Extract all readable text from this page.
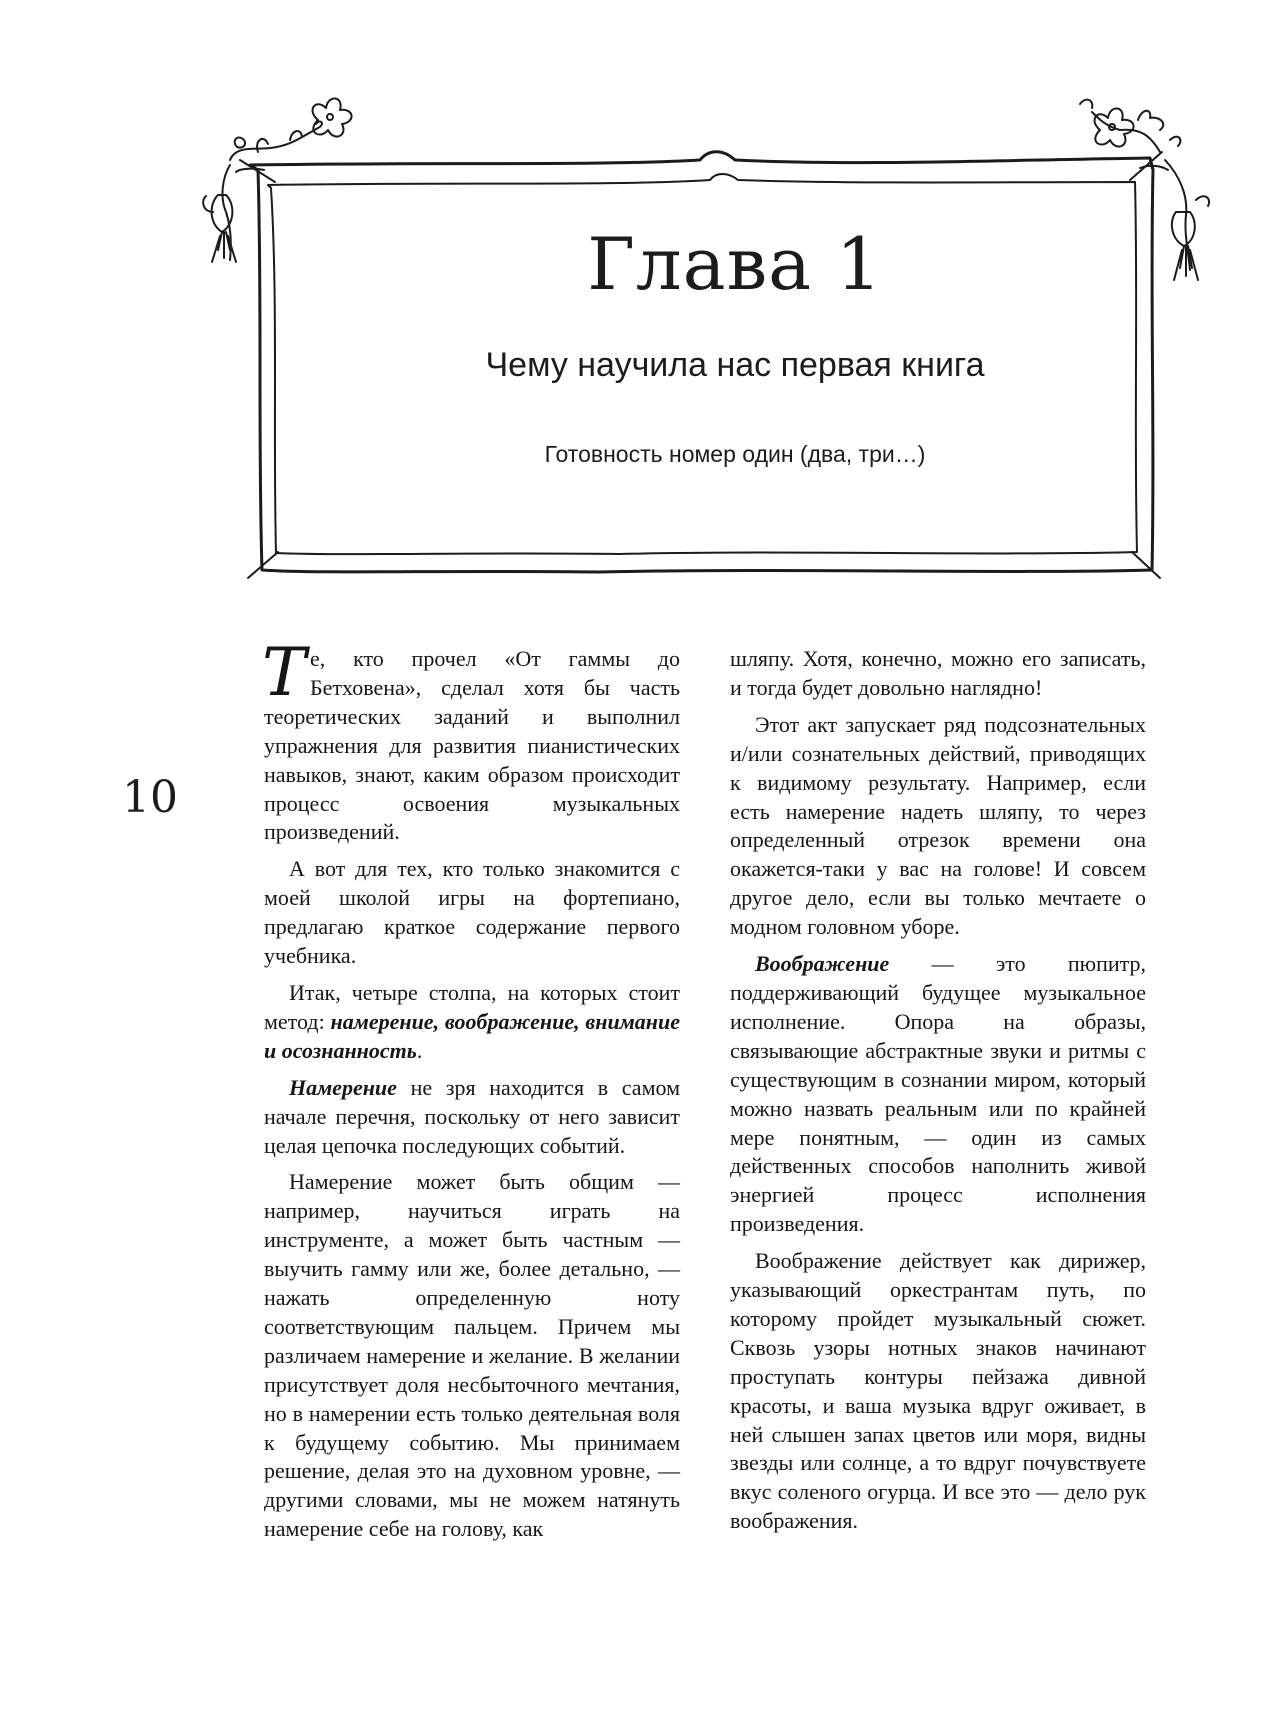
Глава 1
Чему научила нас первая книга
Готовность номер один (два, три…)
10

Те, кто прочел «От гаммы до Бетховена», сделал хотя бы часть теоретических заданий и выполнил упражнения для развития пианистических навыков, знают, каким образом происходит процесс освоения музыкальных произведений.

А вот для тех, кто только знакомится с моей школой игры на фортепиано, предлагаю краткое содержание первого учебника.

Итак, четыре столпа, на которых стоит метод: намерение, воображение, внимание и осознанность.

Намерение не зря находится в самом начале перечня, поскольку от него зависит целая цепочка последующих событий.

Намерение может быть общим — например, научиться играть на инструменте, а может быть частным — выучить гамму или же, более детально, — нажать определенную ноту соответствующим пальцем. Причем мы различаем намерение и желание. В желании присутствует доля несбыточного мечтания, но в намерении есть только деятельная воля к будущему событию. Мы принимаем решение, делая это на духовном уровне, — другими словами, мы не можем натянуть намерение себе на голову, как

шляпу. Хотя, конечно, можно его записать, и тогда будет довольно наглядно!

Этот акт запускает ряд подсознательных и/или сознательных действий, приводящих к видимому результату. Например, если есть намерение надеть шляпу, то через определенный отрезок времени она окажется-таки у вас на голове! И совсем другое дело, если вы только мечтаете о модном головном уборе.

Воображение — это пюпитр, поддерживающий будущее музыкальное исполнение. Опора на образы, связывающие абстрактные звуки и ритмы с существующим в сознании миром, который можно назвать реальным или по крайней мере понятным, — один из самых действенных способов наполнить живой энергией процесс исполнения произведения.

Воображение действует как дирижер, указывающий оркестрантам путь, по которому пройдет музыкальный сюжет. Сквозь узоры нотных знаков начинают проступать контуры пейзажа дивной красоты, и ваша музыка вдруг оживает, в ней слышен запах цветов или моря, видны звезды или солнце, а то вдруг почувствуете вкус соленого огурца. И все это — дело рук воображения.
